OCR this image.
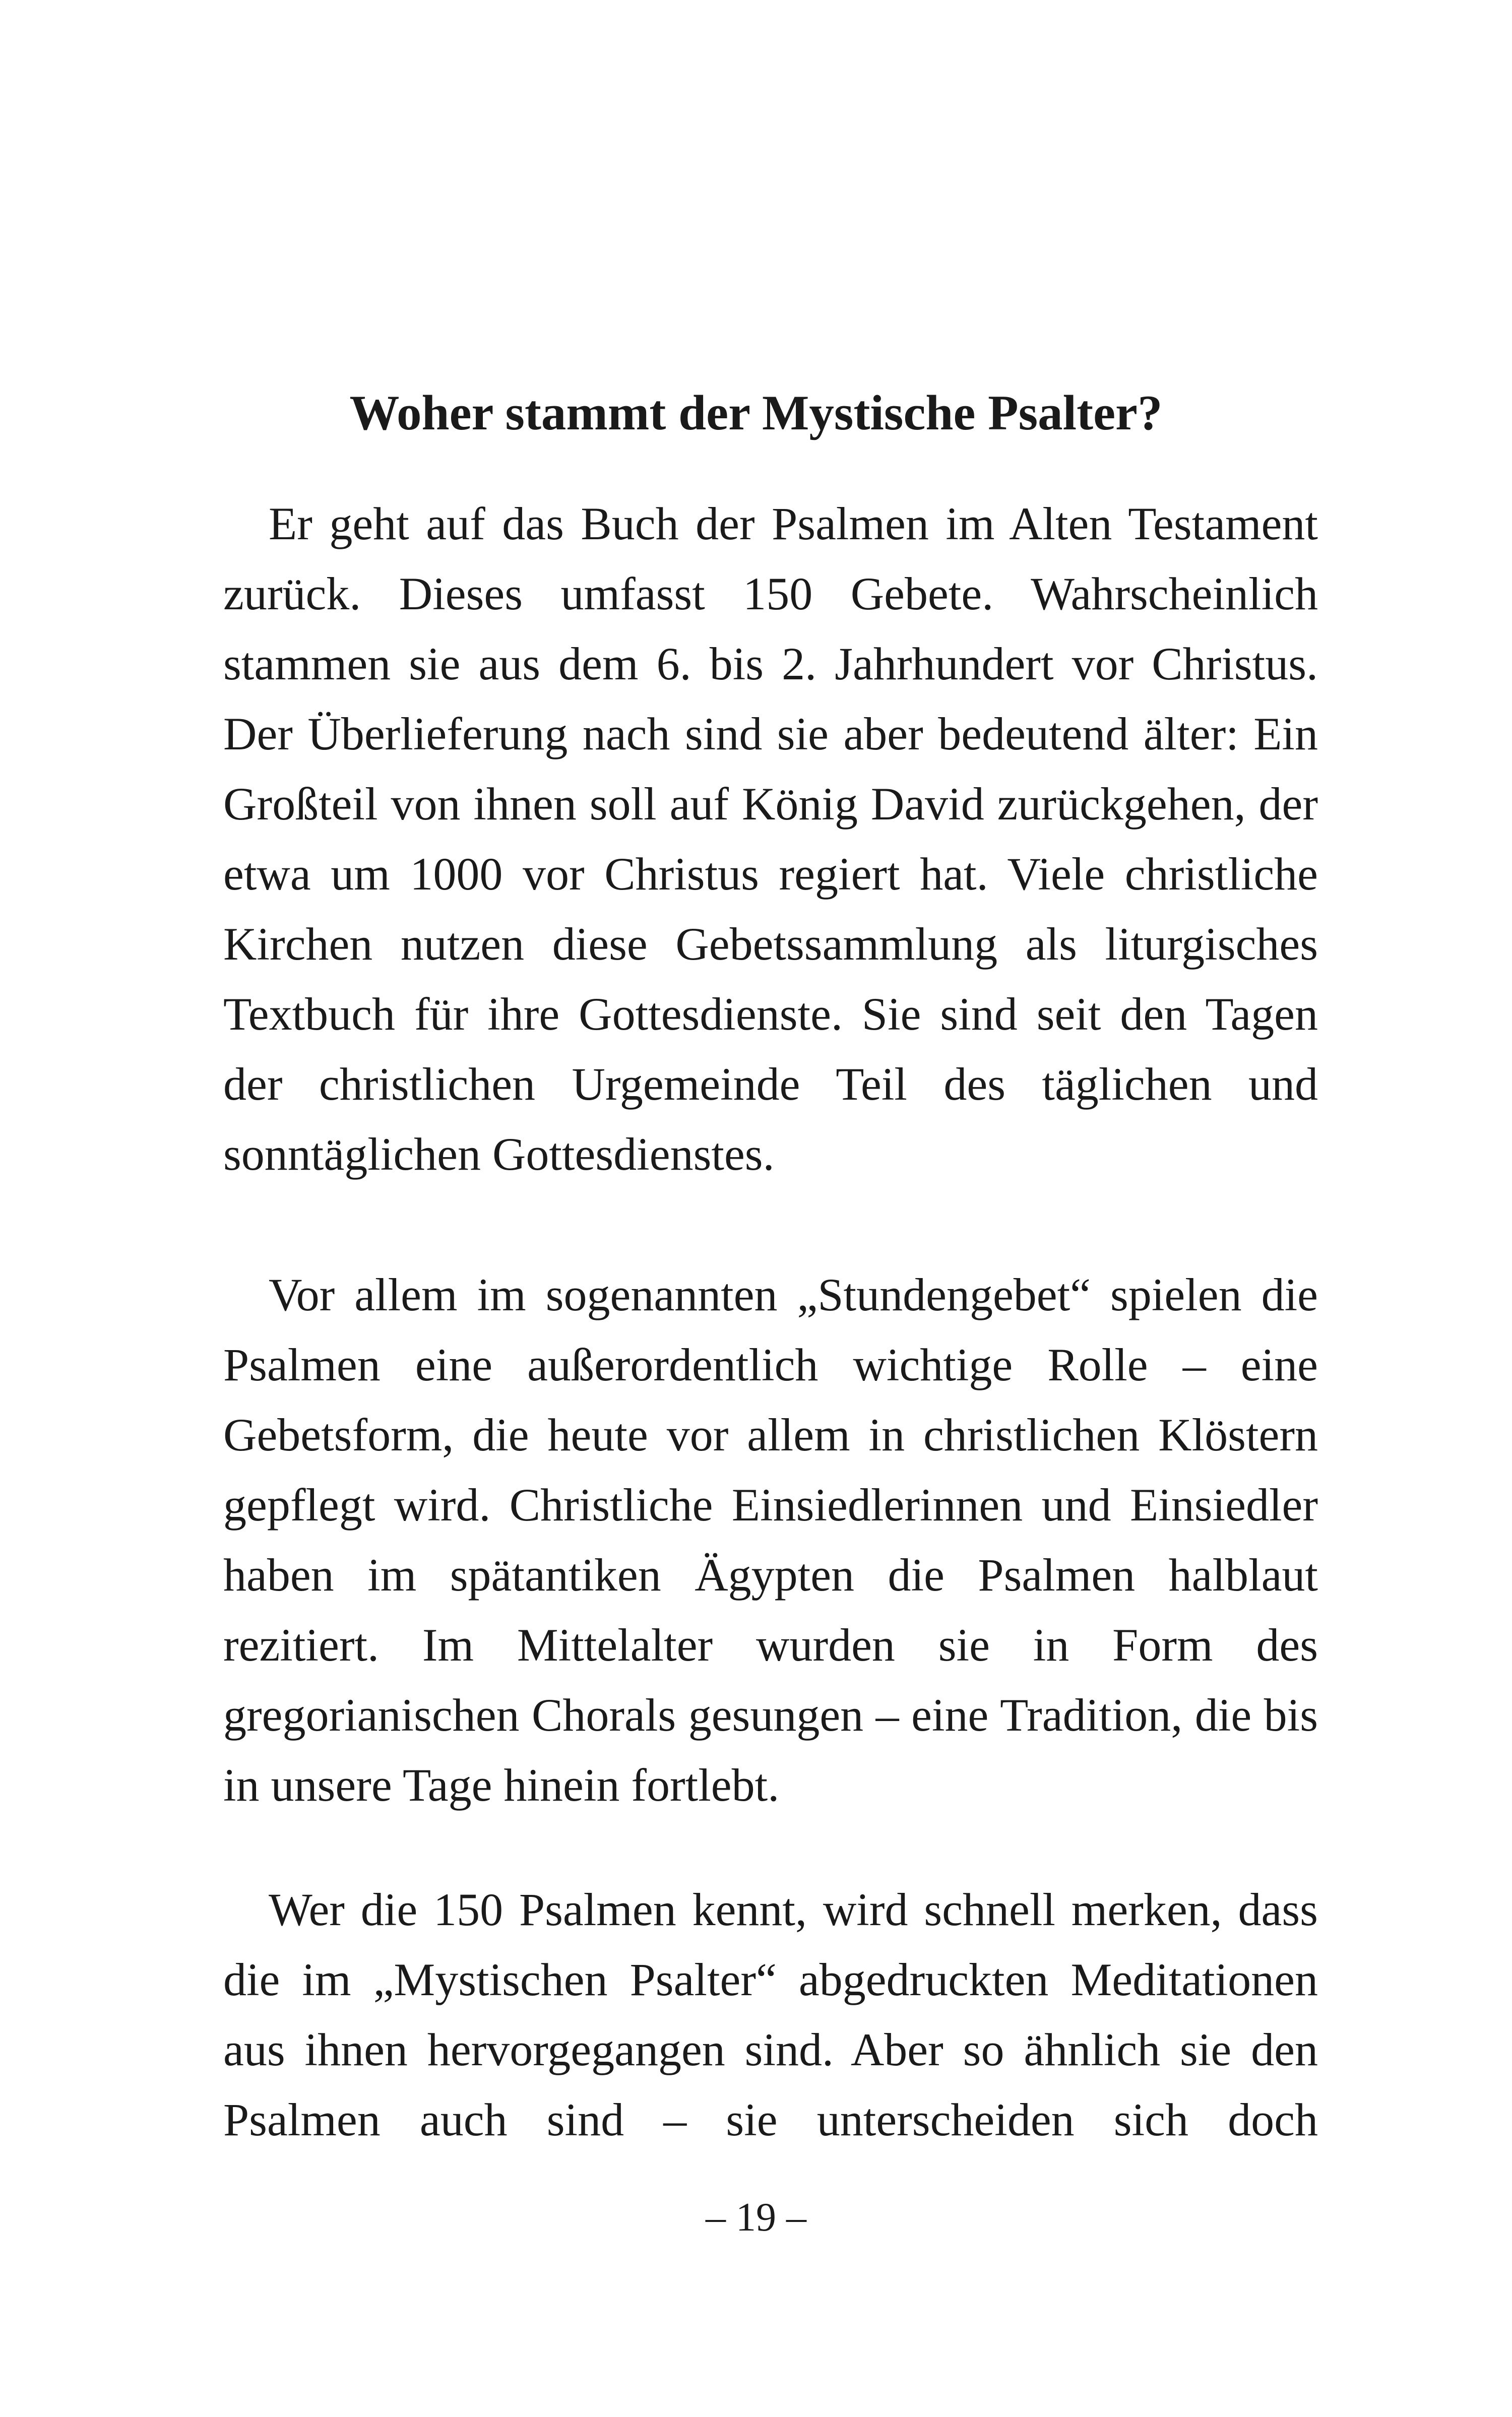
Woher stammt der Mystische Psalter?

Er geht auf das Buch der Psalmen im Alten Testament zurück. Dieses umfasst 150 Gebete. Wahrscheinlich stammen sie aus dem 6. bis 2. Jahrhundert vor Christus. Der Überlieferung nach sind sie aber bedeutend älter: Ein Großteil von ihnen soll auf König David zurückgehen, der etwa um 1000 vor Christus regiert hat. Viele christliche Kirchen nutzen diese Gebetssammlung als liturgisches Textbuch für ihre Gottesdienste. Sie sind seit den Tagen der christlichen Urgemeinde Teil des täglichen und sonntäglichen Gottesdienstes.

Vor allem im sogenannten „Stundengebet“ spielen die Psalmen eine außerordentlich wichtige Rolle – eine Gebetsform, die heute vor allem in christlichen Klöstern gepflegt wird. Christliche Einsiedlerinnen und Einsiedler haben im spätantiken Ägypten die Psalmen halblaut rezitiert. Im Mittelalter wurden sie in Form des gregorianischen Chorals gesungen – eine Tradition, die bis in unsere Tage hinein fortlebt.

Wer die 150 Psalmen kennt, wird schnell merken, dass die im „Mystischen Psalter“ abgedruckten Meditationen aus ihnen hervorgegangen sind. Aber so ähnlich sie den Psalmen auch sind – sie unterscheiden sich doch

– 19 –
